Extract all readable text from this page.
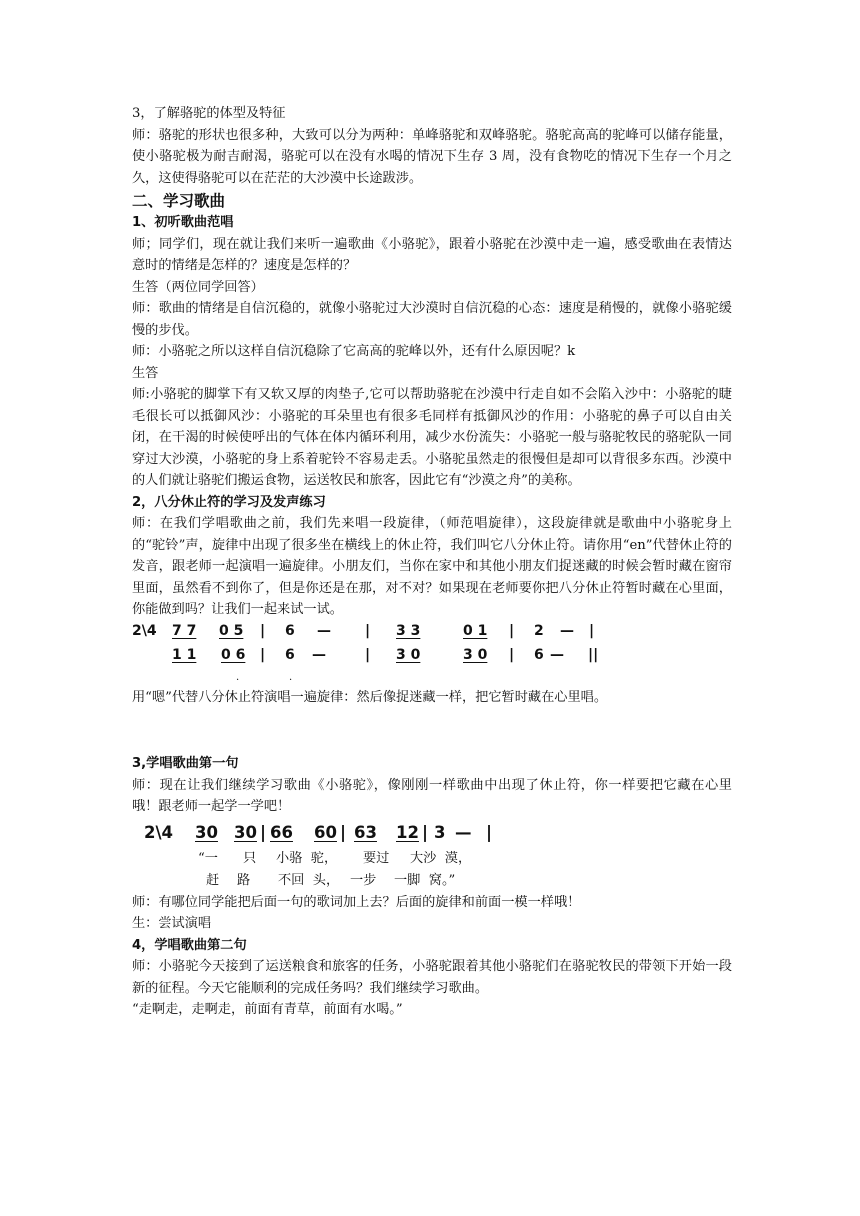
3，了解骆驼的体型及特征

师：骆驼的形状也很多种，大致可以分为两种：单峰骆驼和双峰骆驼。骆驼高高的驼峰可以储存能量，使小骆驼极为耐吉耐渴，骆驼可以在没有水喝的情况下生存 3 周，没有食物吃的情况下生存一个月之久，这使得骆驼可以在茫茫的大沙漠中长途跋涉。

二、学习歌曲

1、初听歌曲范唱

师；同学们，现在就让我们来听一遍歌曲《小骆驼》，跟着小骆驼在沙漠中走一遍，感受歌曲在表情达意时的情绪是怎样的？速度是怎样的？

生答（两位同学回答）

师：歌曲的情绪是自信沉稳的，就像小骆驼过大沙漠时自信沉稳的心态：速度是稍慢的，就像小骆驼缓慢的步伐。

师：小骆驼之所以这样自信沉稳除了它高高的驼峰以外，还有什么原因呢？k

生答

师:小骆驼的脚掌下有又软又厚的肉垫子,它可以帮助骆驼在沙漠中行走自如不会陷入沙中：小骆驼的睫毛很长可以抵御风沙：小骆驼的耳朵里也有很多毛同样有抵御风沙的作用：小骆驼的鼻子可以自由关闭，在干渴的时候使呼出的气体在体内循环利用，减少水份流失：小骆驼一般与骆驼牧民的骆驼队一同穿过大沙漠，小骆驼的身上系着驼铃不容易走丢。小骆驼虽然走的很慢但是却可以背很多东西。沙漠中的人们就让骆驼们搬运食物，运送牧民和旅客，因此它有“沙漠之舟”的美称。

2，八分休止符的学习及发声练习

师：在我们学唱歌曲之前，我们先来唱一段旋律，（师范唱旋律），这段旋律就是歌曲中小骆驼身上的“驼铃”声，旋律中出现了很多坐在横线上的休止符，我们叫它八分休止符。请你用“en”代替休止符的发音，跟老师一起演唱一遍旋律。小朋友们，当你在家中和其他小朋友们捉迷藏的时候会暂时藏在窗帘里面，虽然看不到你了，但是你还是在那，对不对？如果现在老师要你把八分休止符暂时藏在心里面，你能做到吗？让我们一起来试一试。

2\4 7 7 0 5 | 6 — | 3 3	0 1 | 2 — |
1 1 0 6 | 6 —	| 3 0	3 0 | 6 — ||
.	.

用“嗯”代替八分休止符演唱一遍旋律：然后像捉迷藏一样，把它暂时藏在心里唱。

3,学唱歌曲第一句

师：现在让我们继续学习歌曲《小骆驼》，像刚刚一样歌曲中出现了休止符，你一样要把它藏在心里哦！跟老师一起学一学吧！

2\4 30 30 | 66 60 | 63 12 | 3 — |
“一 只 小骆  驼， 要过 大沙  漠，
赶 路 不回  头， 一步 一脚  窝。”

师：有哪位同学能把后面一句的歌词加上去？后面的旋律和前面一模一样哦！

生：尝试演唱

4，学唱歌曲第二句

师：小骆驼今天接到了运送粮食和旅客的任务，小骆驼跟着其他小骆驼们在骆驼牧民的带领下开始一段新的征程。今天它能顺利的完成任务吗？我们继续学习歌曲。

“走啊走，走啊走，前面有青草，前面有水喝。”
